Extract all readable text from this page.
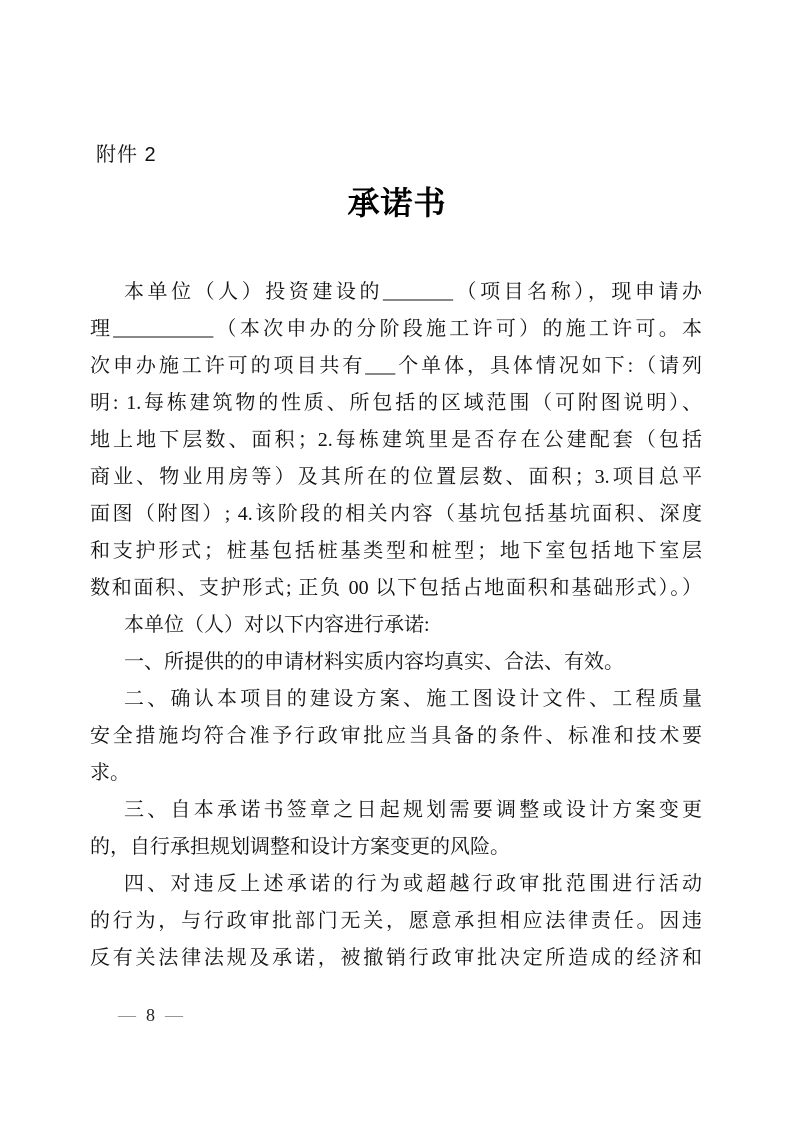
附件 2
承诺书
本单位（人）投资建设的_______（项目名称），现申请办
理__________（本次申办的分阶段施工许可）的施工许可。本
次申办施工许可的项目共有___个单体，具体情况如下:（请列
明: 1.每栋建筑物的性质、所包括的区域范围（可附图说明）、
地上地下层数、面积；2.每栋建筑里是否存在公建配套（包括
商业、物业用房等）及其所在的位置层数、面积；3.项目总平
面图（附图）; 4.该阶段的相关内容（基坑包括基坑面积、深度
和支护形式；桩基包括桩基类型和桩型；地下室包括地下室层
数和面积、支护形式; 正负 00 以下包括占地面积和基础形式）。）
本单位（人）对以下内容进行承诺:
一、所提供的的申请材料实质内容均真实、合法、有效。
二、确认本项目的建设方案、施工图设计文件、工程质量
安全措施均符合准予行政审批应当具备的条件、标准和技术要
求。
三、自本承诺书签章之日起规划需要调整或设计方案变更
的，自行承担规划调整和设计方案变更的风险。
四、对违反上述承诺的行为或超越行政审批范围进行活动
的行为，与行政审批部门无关，愿意承担相应法律责任。因违
反有关法律法规及承诺，被撤销行政审批决定所造成的经济和
— 8 —
